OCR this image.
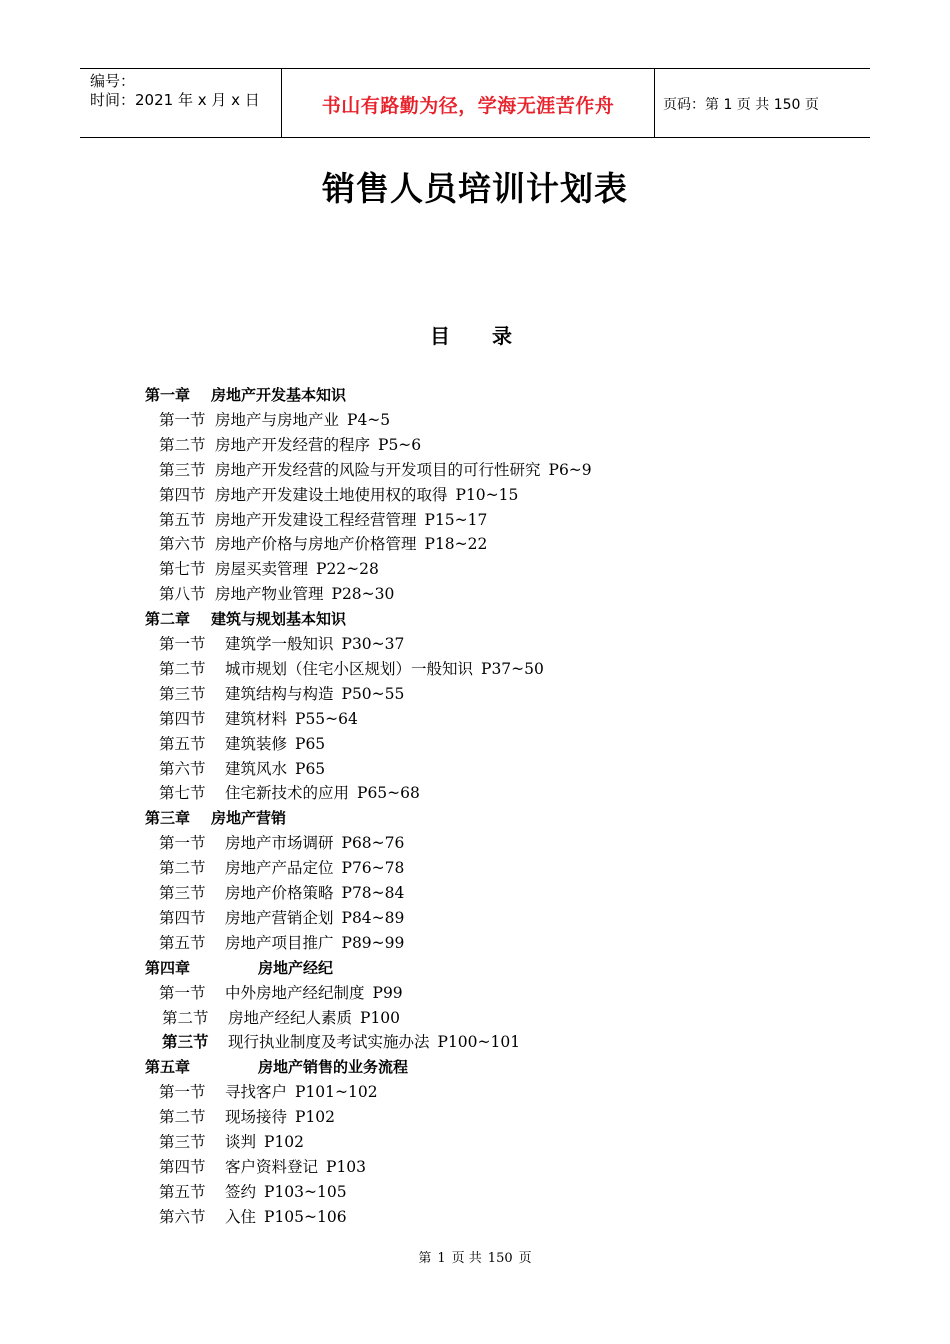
编号：
时间：2021 年 x 月 x 日	书山有路勤为径，学海无涯苦作舟	页码：第 1 页 共 150 页
销售人员培训计划表
目 录
第一章 房地产开发基本知识
第一节 房地产与房地产业 P4~5
第二节 房地产开发经营的程序 P5~6
第三节 房地产开发经营的风险与开发项目的可行性研究 P6~9
第四节 房地产开发建设土地使用权的取得 P10~15
第五节 房地产开发建设工程经营管理 P15~17
第六节 房地产价格与房地产价格管理 P18~22
第七节 房屋买卖管理 P22~28
第八节 房地产物业管理 P28~30
第二章 建筑与规划基本知识
第一节 建筑学一般知识 P30~37
第二节 城市规划（住宅小区规划）一般知识 P37~50
第三节 建筑结构与构造 P50~55
第四节 建筑材料 P55~64
第五节 建筑装修 P65
第六节 建筑风水 P65
第七节 住宅新技术的应用 P65~68
第三章 房地产营销
第一节 房地产市场调研 P68~76
第二节 房地产产品定位 P76~78
第三节 房地产价格策略 P78~84
第四节 房地产营销企划 P84~89
第五节 房地产项目推广 P89~99
第四章	房地产经纪
第一节 中外房地产经纪制度 P99
第二节 房地产经纪人素质 P100
第三节 现行执业制度及考试实施办法 P100~101
第五章	房地产销售的业务流程
第一节 寻找客户 P101~102
第二节 现场接待 P102
第三节 谈判 P102
第四节 客户资料登记 P103
第五节 签约 P103~105
第六节 入住 P105~106
第 1 页 共 150 页
